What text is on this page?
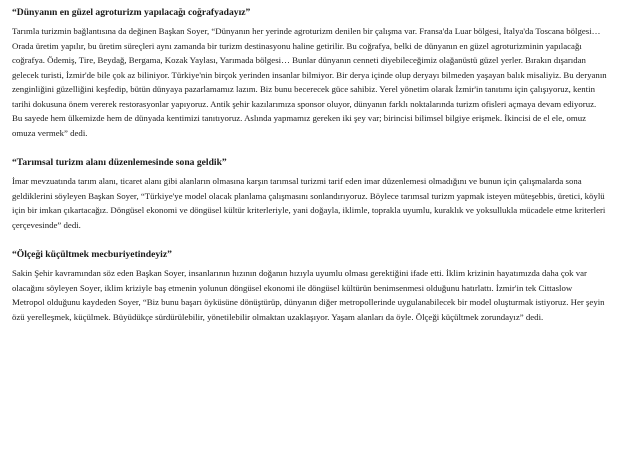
“Dünyanın en güzel agroturizm yapılacağı coğrafyadayız”

Tarımla turizmin bağlantısına da değinen Başkan Soyer, “Dünyanın her yerinde agroturizm denilen bir çalışma var. Fransa'da Luar bölgesi, İtalya'da Toscana bölgesi… Orada üretim yapılır, bu üretim süreçleri aynı zamanda bir turizm destinasyonu haline getirilir. Bu coğrafya, belki de dünyanın en güzel agroturizminin yapılacağı coğrafya. Ödemiş, Tire, Beydağ, Bergama, Kozak Yaylası, Yarımada bölgesi… Bunlar dünyanın cenneti diyebileceğimiz olağanüstü güzel yerler. Bırakın dışarıdan gelecek turisti, İzmir'de bile çok az biliniyor. Türkiye'nin birçok yerinden insanlar bilmiyor. Bir derya içinde olup deryayı bilmeden yaşayan balık misaliyiz. Bu deryanın zenginliğini güzelliğini keşfedip, bütün dünyaya pazarlamamız lazım. Biz bunu becerecek güce sahibiz. Yerel yönetim olarak İzmir'in tanıtımı için çalışıyoruz, kentin tarihi dokusuna önem vererek restorasyonlar yapıyoruz. Antik şehir kazılarımıza sponsor oluyor, dünyanın farklı noktalarında turizm ofisleri açmaya devam ediyoruz. Bu sayede hem ülkemizde hem de dünyada kentimizi tanıtıyoruz. Aslında yapmamız gereken iki şey var; birincisi bilimsel bilgiye erişmek. İkincisi de el ele, omuz omuza vermek” dedi.

“Tarımsal turizm alanı düzenlemesinde sona geldik”

İmar mevzuatında tarım alanı, ticaret alanı gibi alanların olmasına karşın tarımsal turizmi tarif eden imar düzenlemesi olmadığını ve bunun için çalışmalarda sona geldiklerini söyleyen Başkan Soyer, “Türkiye'ye model olacak planlama çalışmasını sonlandırıyoruz. Böylece tarımsal turizm yapmak isteyen müteşebbis, üretici, köylü için bir imkan çıkartacağız. Döngüsel ekonomi ve döngüsel kültür kriterleriyle, yani doğayla, iklimle, toprakla uyumlu, kuraklık ve yoksullukla mücadele etme kriterleri çerçevesinde” dedi.

“Ölçeği küçültmek mecburiyetindeyiz”

Sakin Şehir kavramından söz eden Başkan Soyer, insanlarının hızının doğanın hızıyla uyumlu olması gerektiğini ifade etti. İklim krizinin hayatımızda daha çok var olacağını söyleyen Soyer, iklim kriziyle baş etmenin yolunun döngüsel ekonomi ile döngüsel kültürün benimsenmesi olduğunu hatırlattı. İzmir'in tek Cittaslow Metropol olduğunu kaydeden Soyer, “Biz bunu başarı öyküsüne dönüştürüp, dünyanın diğer metropollerinde uygulanabilecek bir model oluşturmak istiyoruz. Her şeyin özü yerelleşmek, küçülmek. Büyüdükçe sürdürülebilir, yönetilebilir olmaktan uzaklaşıyor. Yaşam alanları da öyle. Ölçeği küçültmek zorundayız” dedi.
